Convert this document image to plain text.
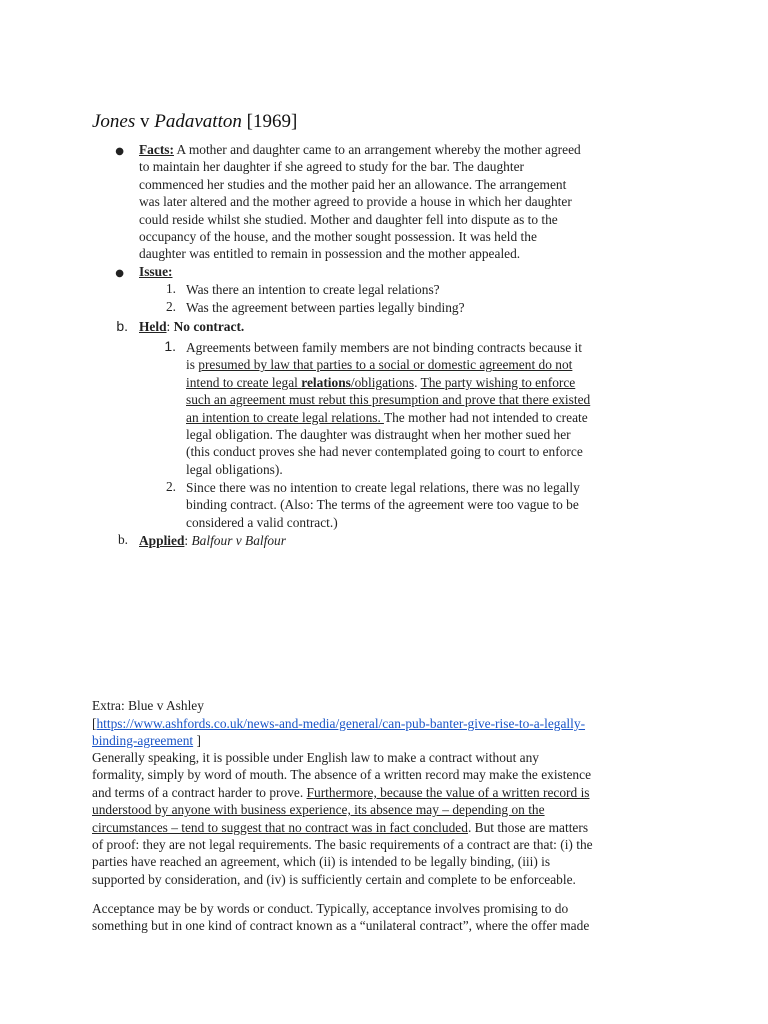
Jones v Padavatton [1969]
● Facts: A mother and daughter came to an arrangement whereby the mother agreed
to maintain her daughter if she agreed to study for the bar. The daughter
commenced her studies and the mother paid her an allowance. The arrangement
was later altered and the mother agreed to provide a house in which her daughter
could reside whilst she studied. Mother and daughter fell into dispute as to the
occupancy of the house, and the mother sought possession. It was held the
daughter was entitled to remain in possession and the mother appealed.
● Issue:
1. Was there an intention to create legal relations?
2. Was the agreement between parties legally binding?
b. Held: No contract.
1. Agreements between family members are not binding contracts because it
is presumed by law that parties to a social or domestic agreement do not
intend to create legal relations/obligations. The party wishing to enforce
such an agreement must rebut this presumption and prove that there existed
an intention to create legal relations. The mother had not intended to create
legal obligation. The daughter was distraught when her mother sued her
(this conduct proves she had never contemplated going to court to enforce
legal obligations).
2. Since there was no intention to create legal relations, there was no legally
binding contract. (Also: The terms of the agreement were too vague to be
considered a valid contract.)
b. Applied: Balfour v Balfour
Extra: Blue v Ashley
[https://www.ashfords.co.uk/news-and-media/general/can-pub-banter-give-rise-to-a-legally-
binding-agreement ]
Generally speaking, it is possible under English law to make a contract without any
formality, simply by word of mouth. The absence of a written record may make the existence
and terms of a contract harder to prove. Furthermore, because the value of a written record is
understood by anyone with business experience, its absence may – depending on the
circumstances – tend to suggest that no contract was in fact concluded. But those are matters
of proof: they are not legal requirements. The basic requirements of a contract are that: (i) the
parties have reached an agreement, which (ii) is intended to be legally binding, (iii) is
supported by consideration, and (iv) is sufficiently certain and complete to be enforceable.
Acceptance may be by words or conduct. Typically, acceptance involves promising to do
something but in one kind of contract known as a “unilateral contract”, where the offer made
